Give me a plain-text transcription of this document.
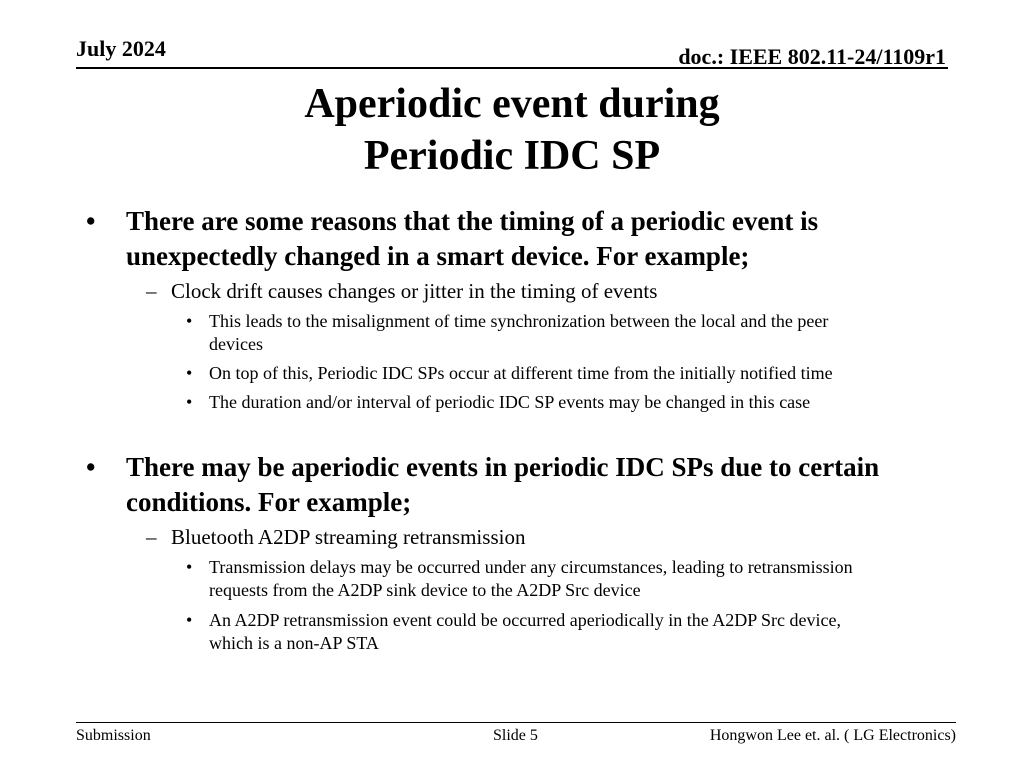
July 2024	doc.: IEEE 802.11-24/1109r1
Aperiodic event during
Periodic IDC SP
• There are some reasons that the timing of a periodic event is
unexpectedly changed in a smart device. For example;
– Clock drift causes changes or jitter in the timing of events
• This leads to the misalignment of time synchronization between the local and the peer
devices
• On top of this, Periodic IDC SPs occur at different time from the initially notified time
• The duration and/or interval of periodic IDC SP events may be changed in this case
• There may be aperiodic events in periodic IDC SPs due to certain
conditions. For example;
– Bluetooth A2DP streaming retransmission
• Transmission delays may be occurred under any circumstances, leading to retransmission
requests from the A2DP sink device to the A2DP Src device
• An A2DP retransmission event could be occurred aperiodically in the A2DP Src device,
which is a non-AP STA
Submission	Slide 5	Hongwon Lee et. al. ( LG Electronics)
